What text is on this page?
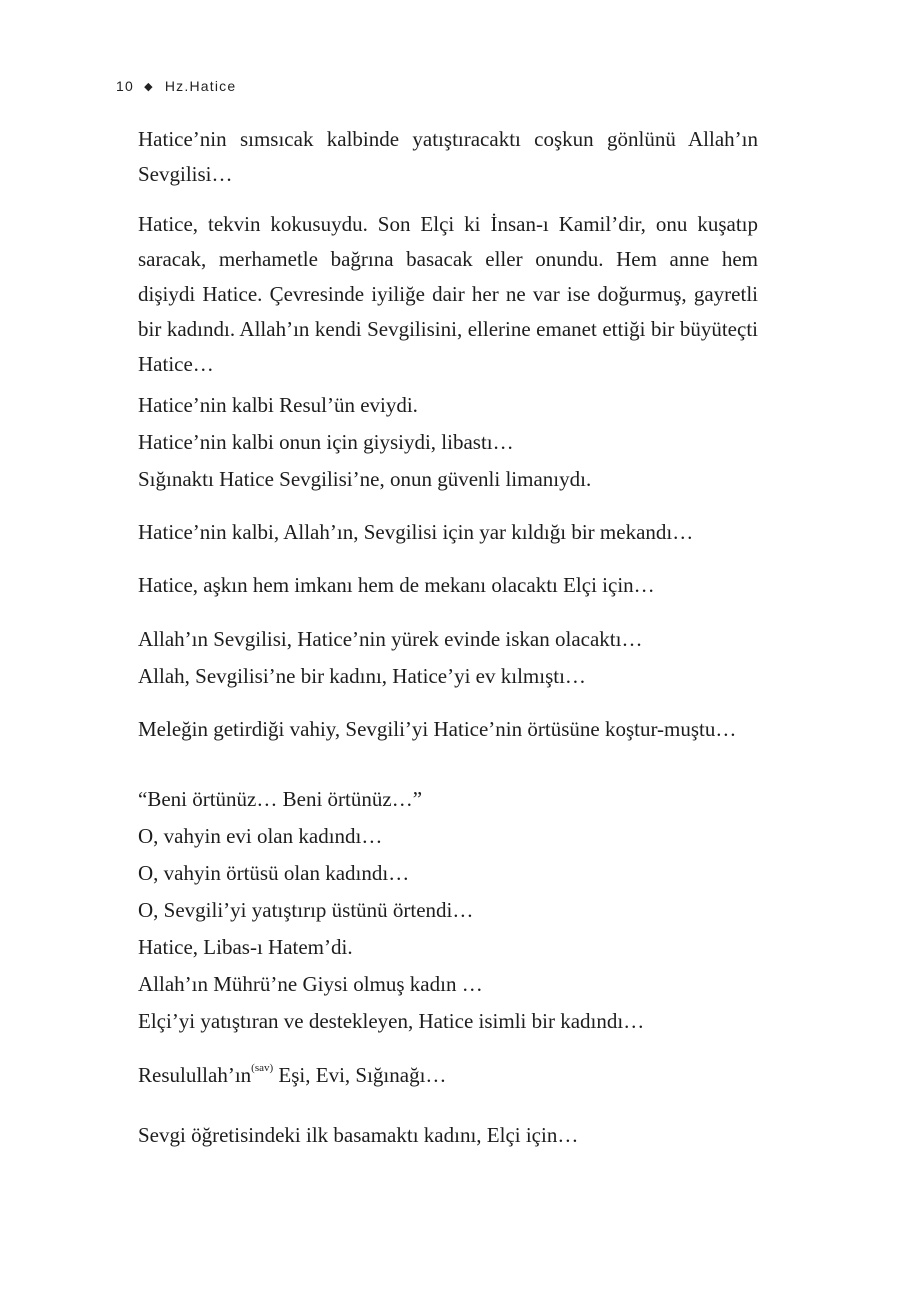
10 ◆ Hz.Hatice

Hatice’nin sımsıcak kalbinde yatıştıracaktı coşkun gönlünü Allah’ın Sevgilisi…

Hatice, tekvin kokusuydu. Son Elçi ki İnsan-ı Kamil’dir, onu kuşatıp saracak, merhametle bağrına basacak eller onundu. Hem anne hem dişiydi Hatice. Çevresinde iyiliğe dair her ne var ise doğurmuş, gayretli bir kadındı. Allah’ın kendi Sevgilisini, ellerine emanet ettiği bir büyüteçti Hatice…

Hatice’nin kalbi Resul’ün eviydi.

Hatice’nin kalbi onun için giysiydi, libastı…

Sığınaktı Hatice Sevgilisi’ne, onun güvenli limanıydı.

Hatice’nin kalbi, Allah’ın, Sevgilisi için yar kıldığı bir mekandı…

Hatice, aşkın hem imkanı hem de mekanı olacaktı Elçi için…

Allah’ın Sevgilisi, Hatice’nin yürek evinde iskan olacaktı…

Allah, Sevgilisi’ne bir kadını, Hatice’yi ev kılmıştı…

Meleğin getirdiği vahiy, Sevgili’yi Hatice’nin örtüsüne koştur-muştu…

“Beni örtünüz… Beni örtünüz…”

O, vahyin evi olan kadındı…

O, vahyin örtüsü olan kadındı…

O, Sevgili’yi yatıştırıp üstünü örtendi…

Hatice, Libas-ı Hatem’di.

Allah’ın Mührü’ne Giysi olmuş kadın …

Elçi’yi yatıştıran ve destekleyen, Hatice isimli bir kadındı…

$Resulullah’ın^{(sav)}$ Eşi, Evi, Sığınağı…

Sevgi öğretisindeki ilk basamaktı kadını, Elçi için…
